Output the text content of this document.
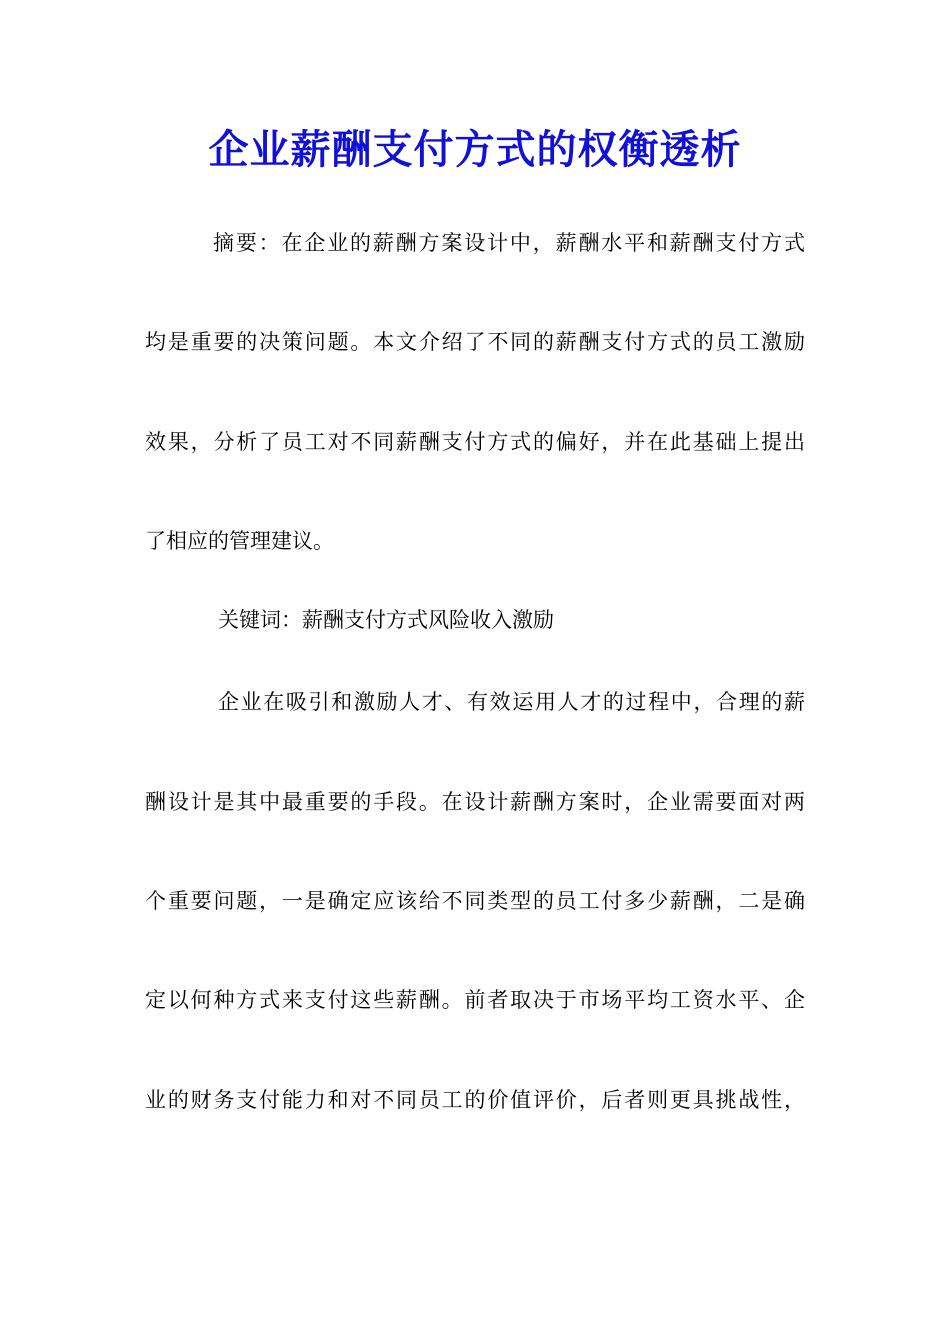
企业薪酬支付方式的权衡透析
摘要：在企业的薪酬方案设计中，薪酬水平和薪酬支付方式
均是重要的决策问题。本文介绍了不同的薪酬支付方式的员工激励
效果，分析了员工对不同薪酬支付方式的偏好，并在此基础上提出
了相应的管理建议。
关键词：薪酬支付方式风险收入激励
企业在吸引和激励人才、有效运用人才的过程中，合理的薪
酬设计是其中最重要的手段。在设计薪酬方案时，企业需要面对两
个重要问题，一是确定应该给不同类型的员工付多少薪酬，二是确
定以何种方式来支付这些薪酬。前者取决于市场平均工资水平、企
业的财务支付能力和对不同员工的价值评价，后者则更具挑战性，
